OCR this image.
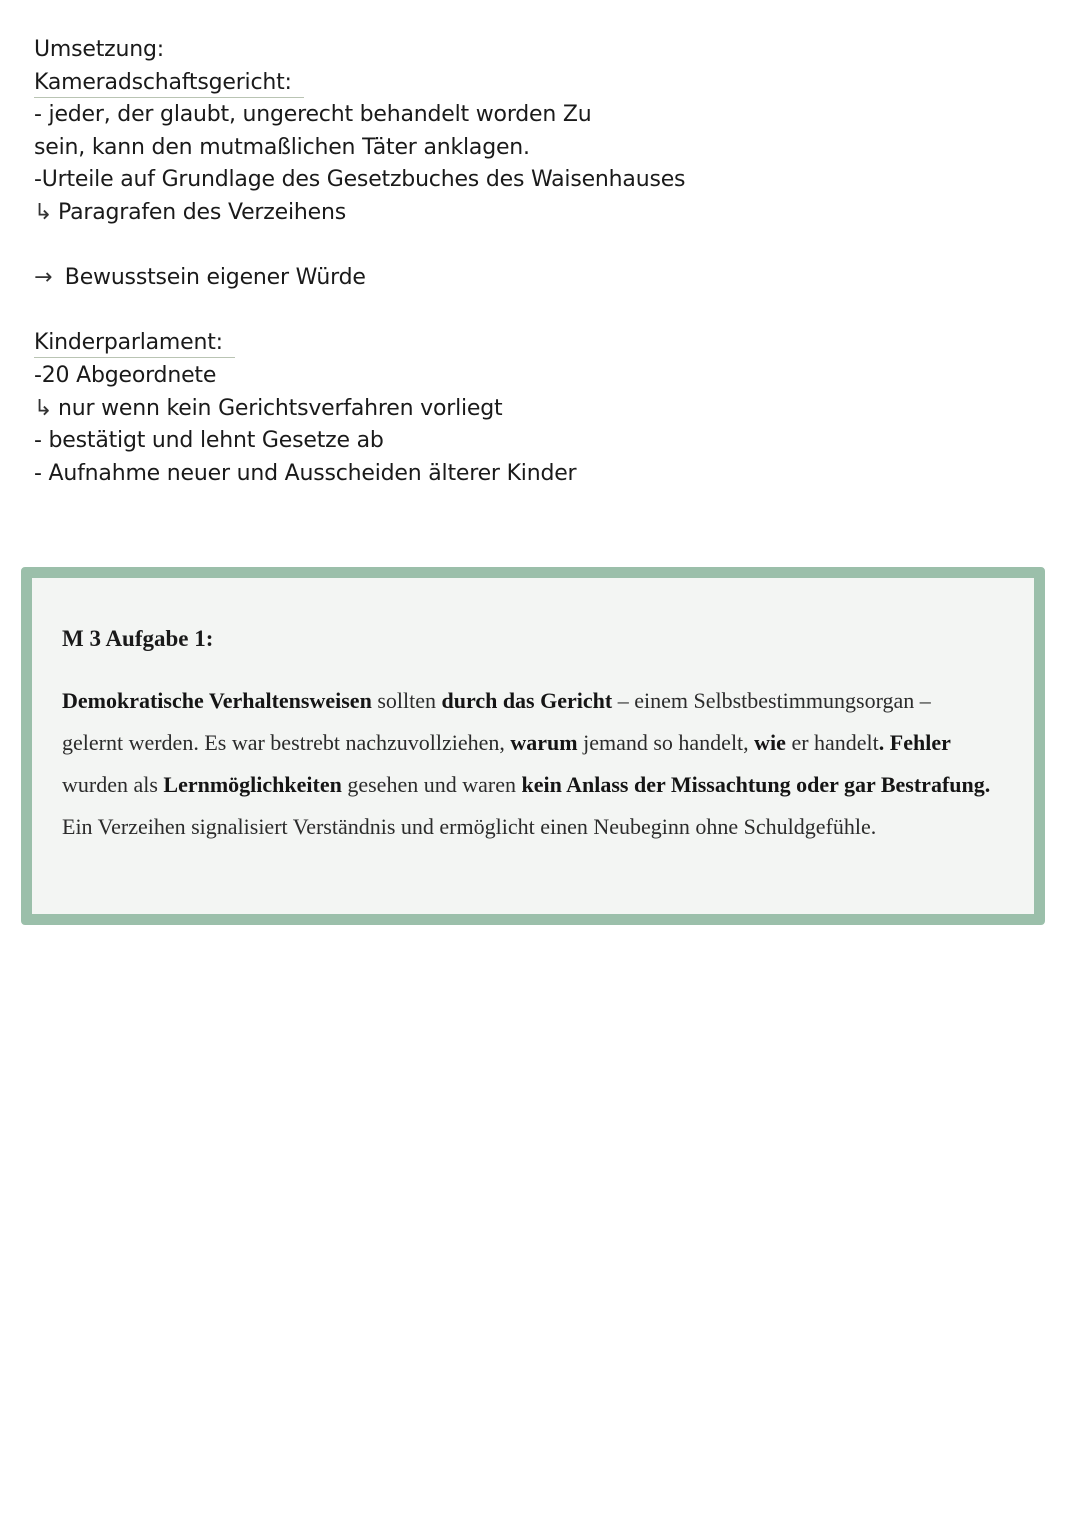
Umsetzung:
Kameradschaftsgericht:
- jeder, der glaubt, ungerecht behandelt worden Zu
sein, kann den mutmaßlichen Täter anklagen.
-Urteile auf Grundlage des Gesetzbuches des Waisenhauses
↳ Paragrafen des Verzeihens
→ Bewusstsein eigener Würde
Kinderparlament:
-20 Abgeordnete
↳ nur wenn kein Gerichtsverfahren vorliegt
- bestätigt und lehnt Gesetze ab
- Aufnahme neuer und Ausscheiden älterer Kinder

M 3 Aufgabe 1:

Demokratische Verhaltensweisen sollten durch das Gericht – einem Selbstbestimmungsorgan – gelernt werden. Es war bestrebt nachzuvollziehen, warum jemand so handelt, wie er handelt. Fehler wurden als Lernmöglichkeiten gesehen und waren kein Anlass der Missachtung oder gar Bestrafung. Ein Verzeihen signalisiert Verständnis und ermöglicht einen Neubeginn ohne Schuldgefühle.
